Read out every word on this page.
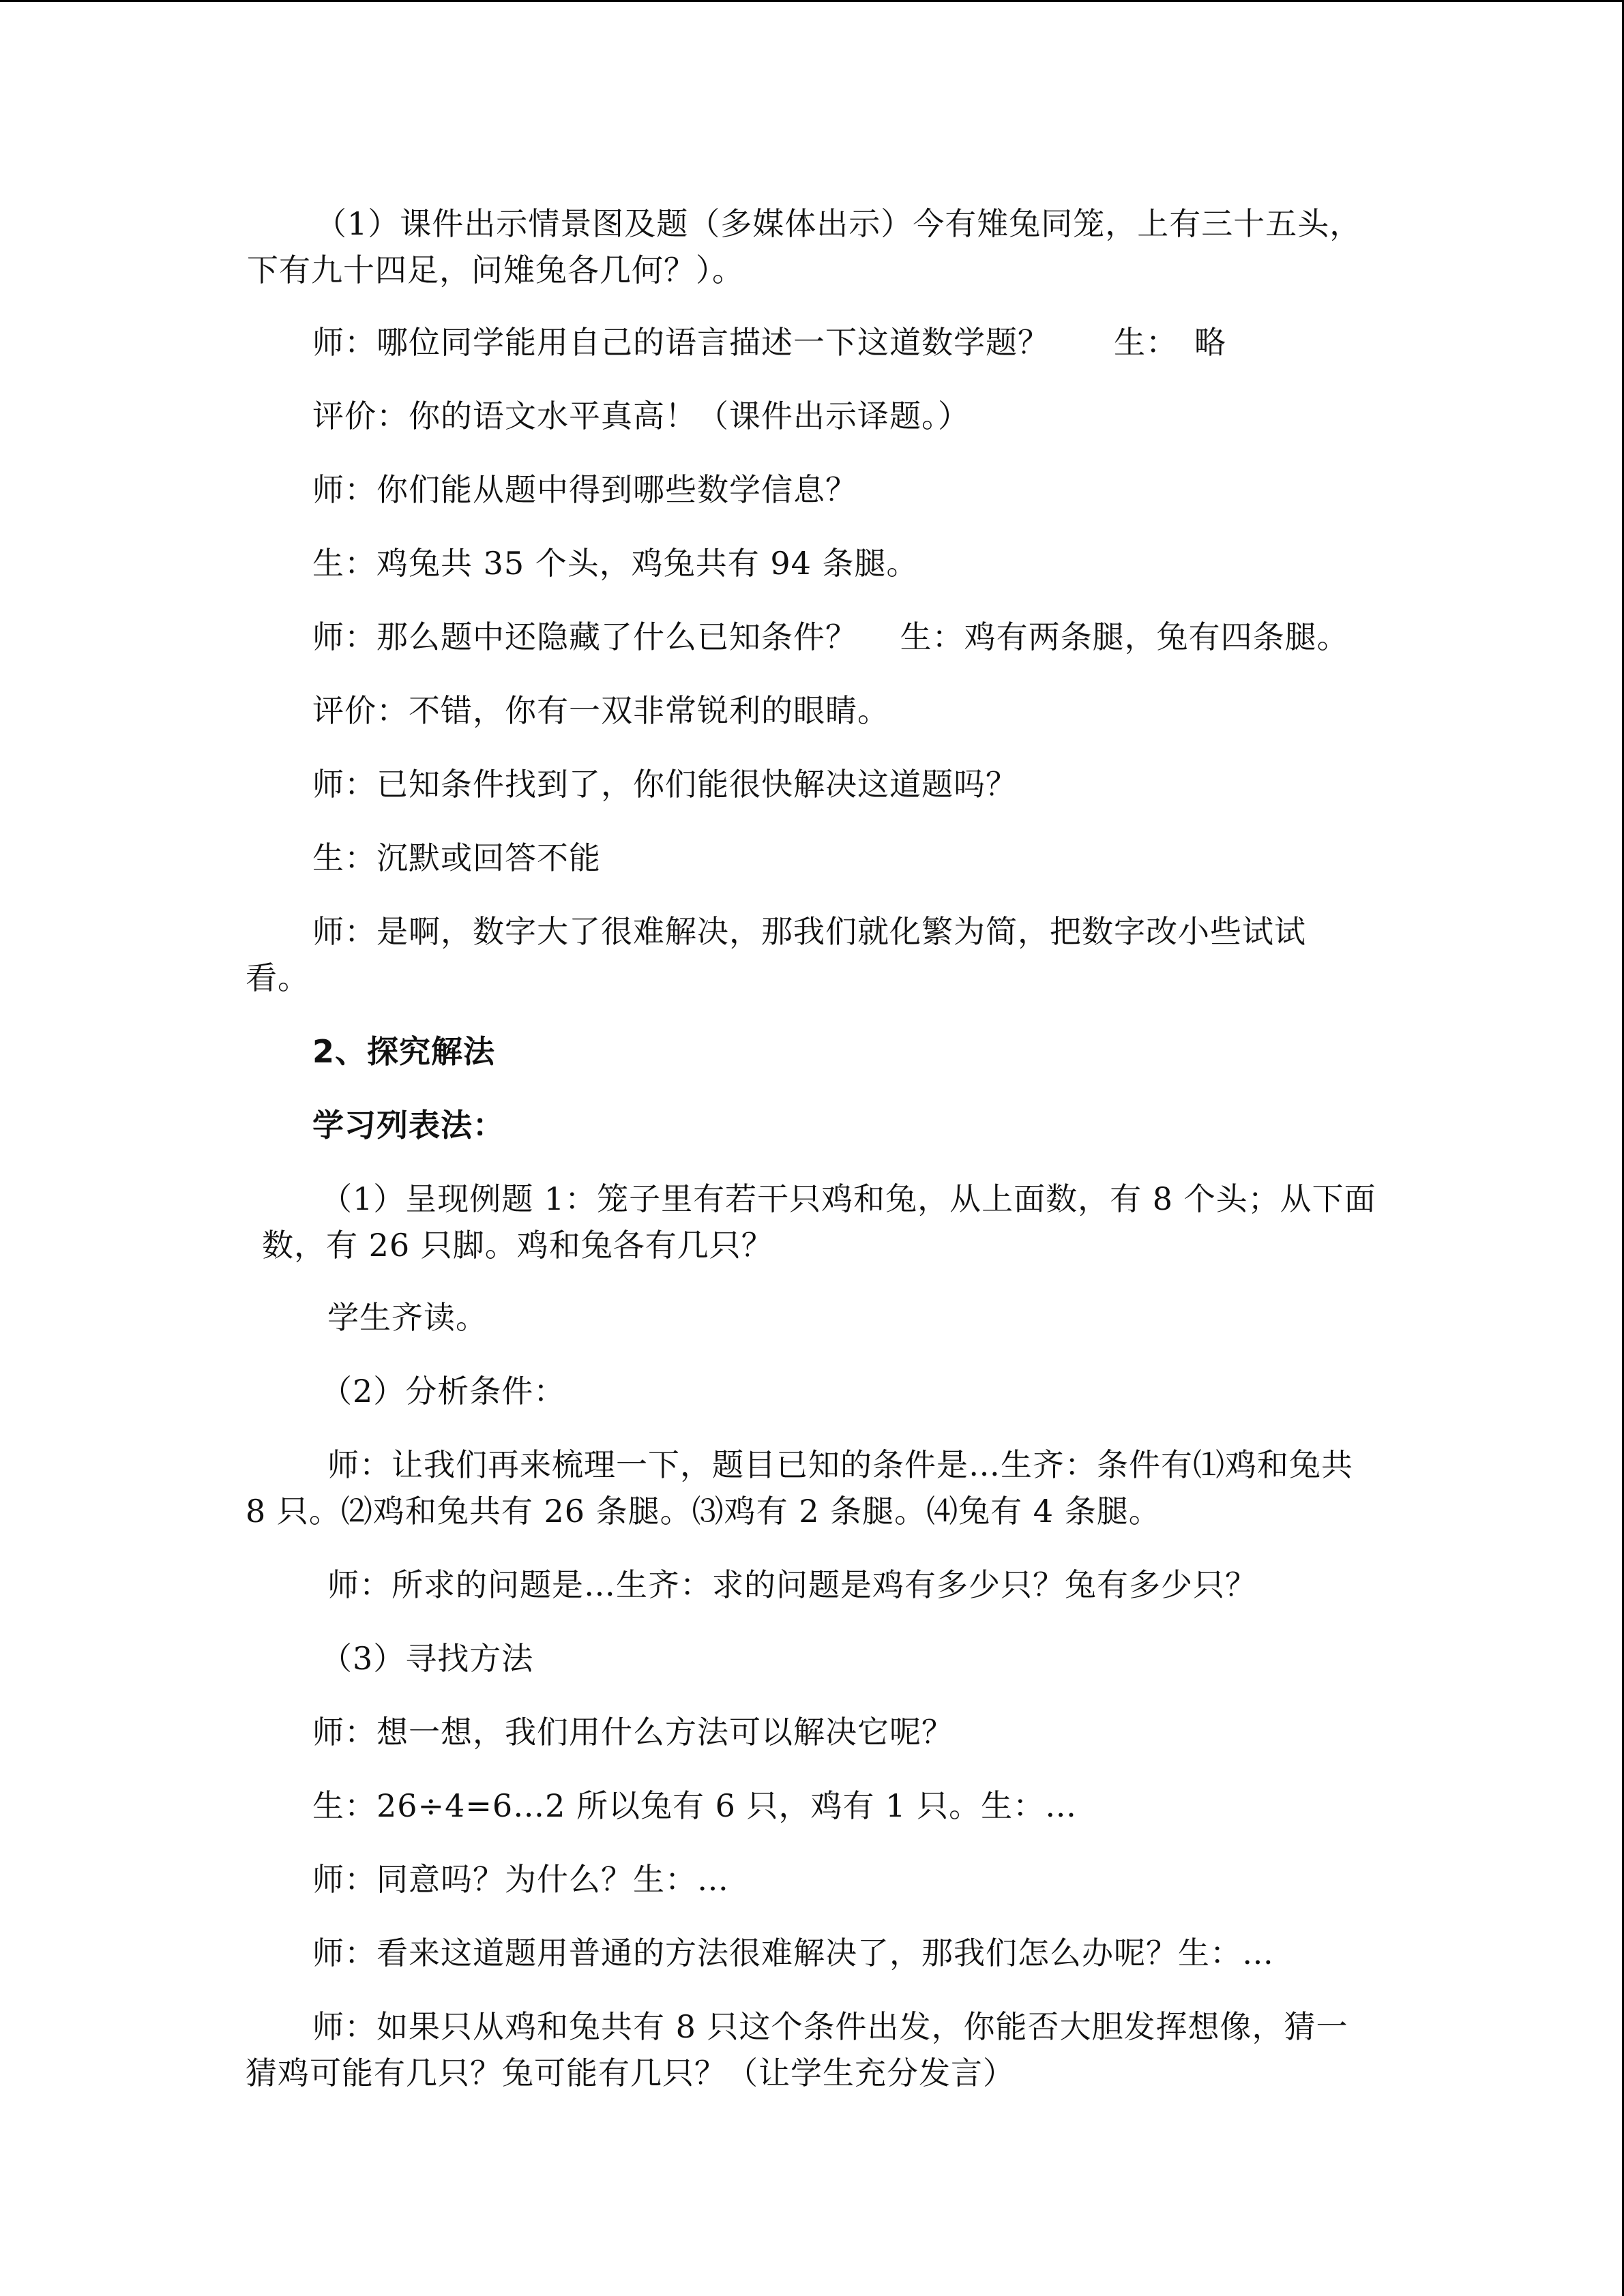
（1）课件出示情景图及题（多媒体出示）今有雉兔同笼，上有三十五头，
下有九十四足，问雉兔各几何？）。
师：哪位同学能用自己的语言描述一下这道数学题？　　生：　略
评价：你的语文水平真高！（课件出示译题。）
师：你们能从题中得到哪些数学信息？
生：鸡兔共 35 个头，鸡兔共有 94 条腿。
师：那么题中还隐藏了什么已知条件？　 生：鸡有两条腿，兔有四条腿。
评价：不错，你有一双非常锐利的眼睛。
师：已知条件找到了，你们能很快解决这道题吗？
生：沉默或回答不能
师：是啊，数字大了很难解决，那我们就化繁为简，把数字改小些试试
看。
2、探究解法
学习列表法：
（1）呈现例题 1：笼子里有若干只鸡和兔，从上面数，有 8 个头；从下面
数，有 26 只脚。鸡和兔各有几只？
学生齐读。
（2）分析条件：
师：让我们再来梳理一下，题目已知的条件是…生齐：条件有⑴鸡和兔共
8 只。⑵鸡和兔共有 26 条腿。⑶鸡有 2 条腿。⑷兔有 4 条腿。
师：所求的问题是…生齐：求的问题是鸡有多少只？兔有多少只？
（3）寻找方法
师：想一想，我们用什么方法可以解决它呢？
生：26÷4=6…2 所以兔有 6 只，鸡有 1 只。生：…
师：同意吗？为什么？生：…
师：看来这道题用普通的方法很难解决了，那我们怎么办呢？生：…
师：如果只从鸡和兔共有 8 只这个条件出发，你能否大胆发挥想像，猜一
猜鸡可能有几只？兔可能有几只？（让学生充分发言）
